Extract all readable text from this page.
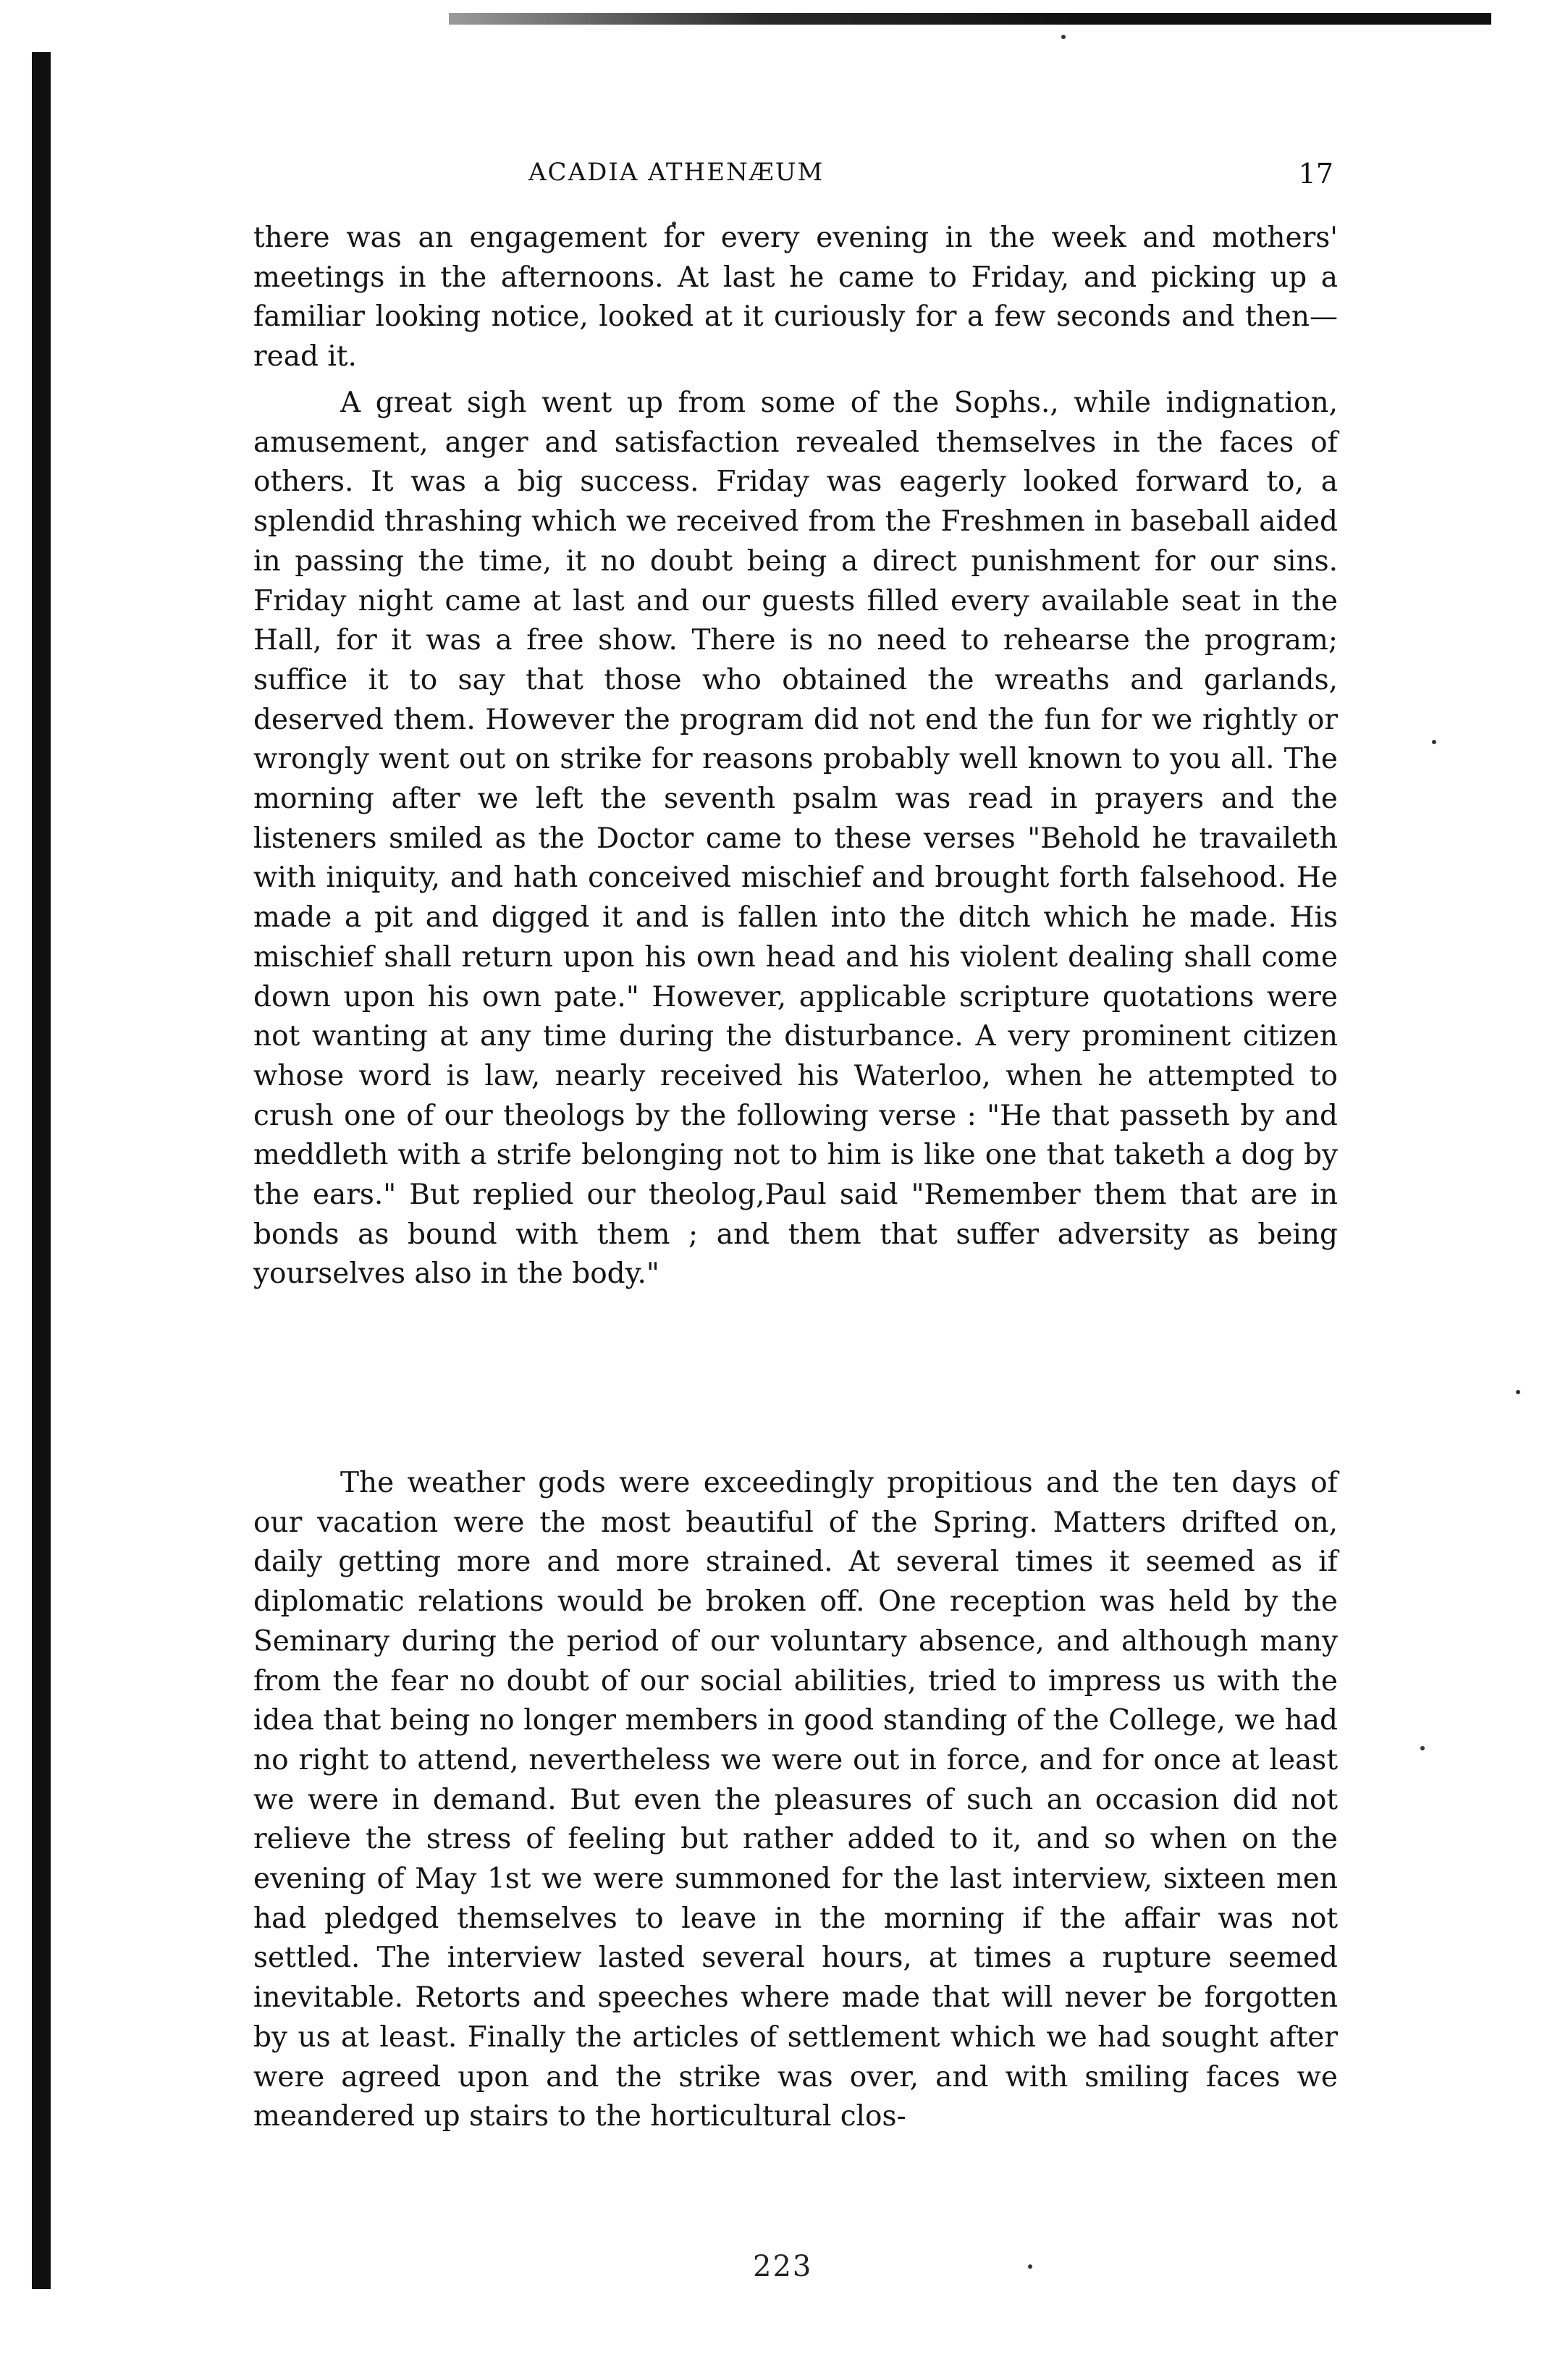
ACADIA ATHENÆUM	17

there was an engagement for every evening in the week and mothers' meetings in the afternoons. At last he came to Friday, and picking up a familiar looking notice, looked at it curiously for a few seconds and then—read it.

A great sigh went up from some of the Sophs., while indignation, amusement, anger and satisfaction revealed themselves in the faces of others. It was a big success. Friday was eagerly looked forward to, a splendid thrashing which we received from the Freshmen in baseball aided in passing the time, it no doubt being a direct punishment for our sins. Friday night came at last and our guests filled every available seat in the Hall, for it was a free show. There is no need to rehearse the program; suffice it to say that those who obtained the wreaths and garlands, deserved them. However the program did not end the fun for we rightly or wrongly went out on strike for reasons probably well known to you all. The morning after we left the seventh psalm was read in prayers and the listeners smiled as the Doctor came to these verses "Behold he travaileth with iniquity, and hath conceived mischief and brought forth falsehood. He made a pit and digged it and is fallen into the ditch which he made. His mischief shall return upon his own head and his violent dealing shall come down upon his own pate." However, applicable scripture quotations were not wanting at any time during the disturbance. A very prominent citizen whose word is law, nearly received his Waterloo, when he attempted to crush one of our theologs by the following verse : "He that passeth by and meddleth with a strife belonging not to him is like one that taketh a dog by the ears." But replied our theolog,Paul said "Remember them that are in bonds as bound with them ; and them that suffer adversity as being yourselves also in the body."

The weather gods were exceedingly propitious and the ten days of our vacation were the most beautiful of the Spring. Matters drifted on, daily getting more and more strained. At several times it seemed as if diplomatic relations would be broken off. One reception was held by the Seminary during the period of our voluntary absence, and although many from the fear no doubt of our social abilities, tried to impress us with the idea that being no longer members in good standing of the College, we had no right to attend, nevertheless we were out in force, and for once at least we were in demand. But even the pleasures of such an occasion did not relieve the stress of feeling but rather added to it, and so when on the evening of May 1st we were summoned for the last interview, sixteen men had pledged themselves to leave in the morning if the affair was not settled. The interview lasted several hours, at times a rupture seemed inevitable. Retorts and speeches where made that will never be forgotten by us at least. Finally the articles of settlement which we had sought after were agreed upon and the strike was over, and with smiling faces we meandered up stairs to the horticultural clos-

223
